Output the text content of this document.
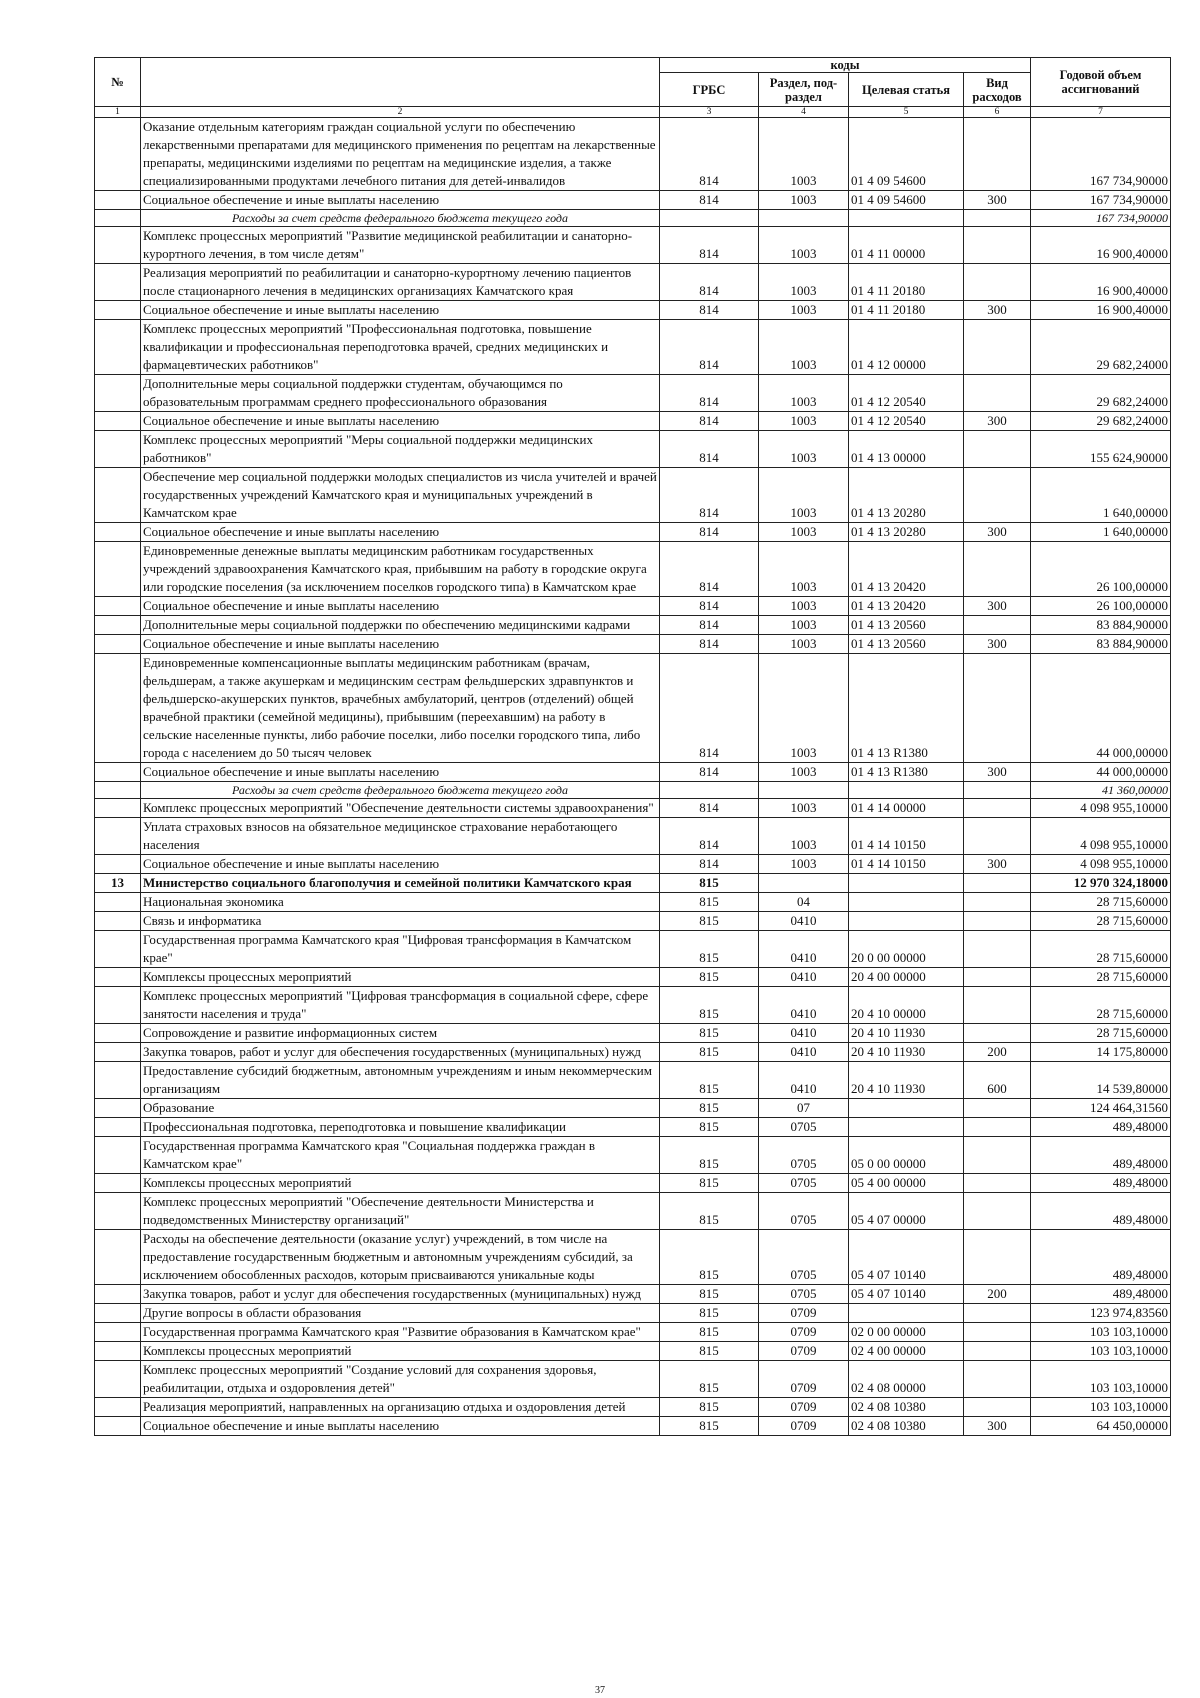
№		коды				Годовой объем ассигнований
		ГРБС	Раздел, под-раздел	Целевая статья	Вид расходов	
1	2	3	4	5	6	7
	Оказание отдельным категориям граждан социальной услуги по обеспечению лекарственными препаратами для медицинского применения по рецептам на лекарственные препараты, медицинскими изделиями по рецептам на медицинские изделия, а также специализированными продуктами лечебного питания для детей-инвалидов	814	1003	01 4 09 54600		167 734,90000
	Социальное обеспечение и иные выплаты населению	814	1003	01 4 09 54600	300	167 734,90000
	Расходы за счет средств федерального бюджета текущего года					167 734,90000
	Комплекс процессных мероприятий "Развитие медицинской реабилитации и санаторно-курортного лечения, в том числе детям"	814	1003	01 4 11 00000		16 900,40000
	Реализация мероприятий по реабилитации и санаторно-курортному лечению пациентов после стационарного лечения в медицинских организациях Камчатского края	814	1003	01 4 11 20180		16 900,40000
	Социальное обеспечение и иные выплаты населению	814	1003	01 4 11 20180	300	16 900,40000
	Комплекс процессных мероприятий "Профессиональная подготовка, повышение квалификации и профессиональная переподготовка врачей, средних медицинских и фармацевтических работников"	814	1003	01 4 12 00000		29 682,24000
	Дополнительные меры социальной поддержки студентам, обучающимся по образовательным программам среднего профессионального образования	814	1003	01 4 12 20540		29 682,24000
	Социальное обеспечение и иные выплаты населению	814	1003	01 4 12 20540	300	29 682,24000
	Комплекс процессных мероприятий "Меры социальной поддержки медицинских работников"	814	1003	01 4 13 00000		155 624,90000
	Обеспечение мер социальной поддержки молодых специалистов из числа учителей и врачей государственных учреждений Камчатского края и муниципальных учреждений в Камчатском крае	814	1003	01 4 13 20280		1 640,00000
	Социальное обеспечение и иные выплаты населению	814	1003	01 4 13 20280	300	1 640,00000
	Единовременные денежные выплаты медицинским работникам государственных учреждений здравоохранения Камчатского края, прибывшим на работу в городские округа или городские поселения (за исключением поселков городского типа) в Камчатском крае	814	1003	01 4 13 20420		26 100,00000
	Социальное обеспечение и иные выплаты населению	814	1003	01 4 13 20420	300	26 100,00000
	Дополнительные меры социальной поддержки по обеспечению медицинскими кадрами	814	1003	01 4 13 20560		83 884,90000
	Социальное обеспечение и иные выплаты населению	814	1003	01 4 13 20560	300	83 884,90000
	Единовременные компенсационные выплаты медицинским работникам (врачам, фельдшерам, а также акушеркам и медицинским сестрам фельдшерских здравпунктов и фельдшерско-акушерских пунктов, врачебных амбулаторий, центров (отделений) общей врачебной практики (семейной медицины), прибывшим (переехавшим) на работу в сельские населенные пункты, либо рабочие поселки, либо поселки городского типа, либо города с населением до 50 тысяч человек	814	1003	01 4 13 R1380		44 000,00000
	Социальное обеспечение и иные выплаты населению	814	1003	01 4 13 R1380	300	44 000,00000
	Расходы за счет средств федерального бюджета текущего года					41 360,00000
	Комплекс процессных мероприятий "Обеспечение деятельности системы здравоохранения"	814	1003	01 4 14 00000		4 098 955,10000
	Уплата страховых взносов на обязательное медицинское страхование неработающего населения	814	1003	01 4 14 10150		4 098 955,10000
	Социальное обеспечение и иные выплаты населению	814	1003	01 4 14 10150	300	4 098 955,10000
13	Министерство социального благополучия и семейной политики Камчатского края	815				12 970 324,18000
	Национальная экономика	815	04			28 715,60000
	Связь и информатика	815	0410			28 715,60000
	Государственная программа Камчатского края "Цифровая трансформация в Камчатском крае"	815	0410	20 0 00 00000		28 715,60000
	Комплексы процессных мероприятий	815	0410	20 4 00 00000		28 715,60000
	Комплекс процессных мероприятий "Цифровая трансформация в социальной сфере, сфере занятости населения и труда"	815	0410	20 4 10 00000		28 715,60000
	Сопровождение и развитие информационных систем	815	0410	20 4 10 11930		28 715,60000
	Закупка товаров, работ и услуг для обеспечения государственных (муниципальных) нужд	815	0410	20 4 10 11930	200	14 175,80000
	Предоставление субсидий бюджетным, автономным учреждениям и иным некоммерческим организациям	815	0410	20 4 10 11930	600	14 539,80000
	Образование	815	07			124 464,31560
	Профессиональная подготовка, переподготовка и повышение квалификации	815	0705			489,48000
	Государственная программа Камчатского края "Социальная поддержка граждан в Камчатском крае"	815	0705	05 0 00 00000		489,48000
	Комплексы процессных мероприятий	815	0705	05 4 00 00000		489,48000
	Комплекс процессных мероприятий "Обеспечение деятельности Министерства и подведомственных Министерству организаций"	815	0705	05 4 07 00000		489,48000
	Расходы на обеспечение деятельности (оказание услуг) учреждений, в том числе на предоставление государственным бюджетным и автономным учреждениям субсидий, за исключением обособленных расходов, которым присваиваются уникальные коды	815	0705	05 4 07 10140		489,48000
	Закупка товаров, работ и услуг для обеспечения государственных (муниципальных) нужд	815	0705	05 4 07 10140	200	489,48000
	Другие вопросы в области образования	815	0709			123 974,83560
	Государственная программа Камчатского края "Развитие образования в Камчатском крае"	815	0709	02 0 00 00000		103 103,10000
	Комплексы процессных мероприятий	815	0709	02 4 00 00000		103 103,10000
	Комплекс процессных мероприятий "Создание условий для сохранения здоровья, реабилитации, отдыха и оздоровления детей"	815	0709	02 4 08 00000		103 103,10000
	Реализация мероприятий, направленных на организацию отдыха и оздоровления детей	815	0709	02 4 08 10380		103 103,10000
	Социальное обеспечение и иные выплаты населению	815	0709	02 4 08 10380	300	64 450,00000
37
